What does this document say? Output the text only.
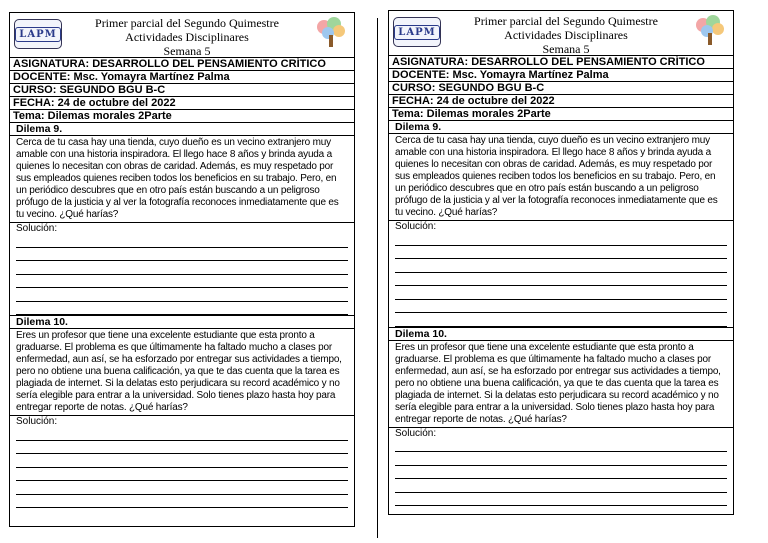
LAPM
Primer parcial del Segundo Quimestre
Actividades Disciplinares
Semana 5
ASIGNATURA: DESARROLLO DEL PENSAMIENTO CRÍTICO
DOCENTE: Msc. Yomayra Martínez Palma
CURSO: SEGUNDO BGU B-C
FECHA: 24 de octubre del 2022
Tema: Dilemas morales 2Parte
Dilema 9.
Cerca de tu casa hay una tienda, cuyo dueño es un vecino extranjero muy amable con una historia inspiradora. El llego hace 8 años y brinda ayuda a quienes lo necesitan con obras de caridad. Además, es muy respetado por sus empleados quienes reciben todos los beneficios en su trabajo. Pero, en un periódico descubres que en otro país están buscando a un peligroso prófugo de la justicia y al ver la fotografía reconoces inmediatamente que es tu vecino. ¿Qué harías?
Solución:
Dilema 10.
Eres un profesor que tiene una excelente estudiante que esta pronto a graduarse. El problema es que últimamente ha faltado mucho a clases por enfermedad, aun así, se ha esforzado por entregar sus actividades a tiempo, pero no obtiene una buena calificación, ya que te das cuenta que la tarea es plagiada de internet. Si la delatas esto perjudicara su record académico y no sería elegible para entrar a la universidad. Solo tienes plazo hasta hoy para entregar reporte de notas. ¿Qué harías?
Solución:
LAPM
Primer parcial del Segundo Quimestre
Actividades Disciplinares
Semana 5
ASIGNATURA: DESARROLLO DEL PENSAMIENTO CRÍTICO
DOCENTE: Msc. Yomayra Martínez Palma
CURSO: SEGUNDO BGU B-C
FECHA: 24 de octubre del 2022
Tema: Dilemas morales 2Parte
Dilema 9.
Cerca de tu casa hay una tienda, cuyo dueño es un vecino extranjero muy amable con una historia inspiradora. El llego hace 8 años y brinda ayuda a quienes lo necesitan con obras de caridad. Además, es muy respetado por sus empleados quienes reciben todos los beneficios en su trabajo. Pero, en un periódico descubres que en otro país están buscando a un peligroso prófugo de la justicia y al ver la fotografía reconoces inmediatamente que es tu vecino. ¿Qué harías?
Solución:
Dilema 10.
Eres un profesor que tiene una excelente estudiante que esta pronto a graduarse. El problema es que últimamente ha faltado mucho a clases por enfermedad, aun así, se ha esforzado por entregar sus actividades a tiempo, pero no obtiene una buena calificación, ya que te das cuenta que la tarea es plagiada de internet. Si la delatas esto perjudicara su record académico y no sería elegible para entrar a la universidad. Solo tienes plazo hasta hoy para entregar reporte de notas. ¿Qué harías?
Solución:
